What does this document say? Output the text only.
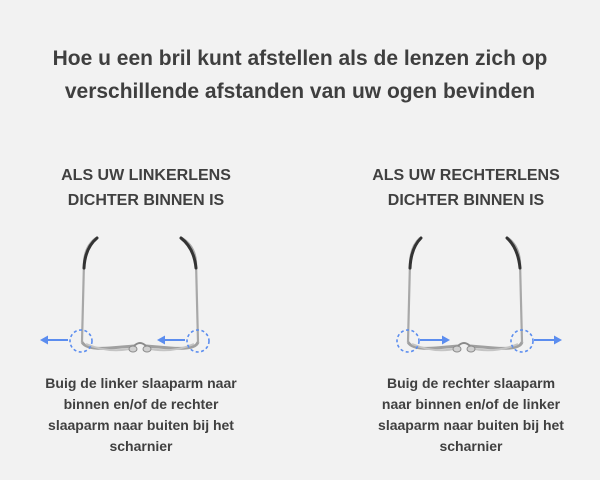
Hoe u een bril kunt afstellen als de lenzen zich op
verschillende afstanden van uw ogen bevinden
ALS UW LINKERLENS
DICHTER BINNEN IS
Buig de linker slaaparm naar
binnen en/of de rechter
slaaparm naar buiten bij het
scharnier
ALS UW RECHTERLENS
DICHTER BINNEN IS
Buig de rechter slaaparm
naar binnen en/of de linker
slaaparm naar buiten bij het
scharnier
